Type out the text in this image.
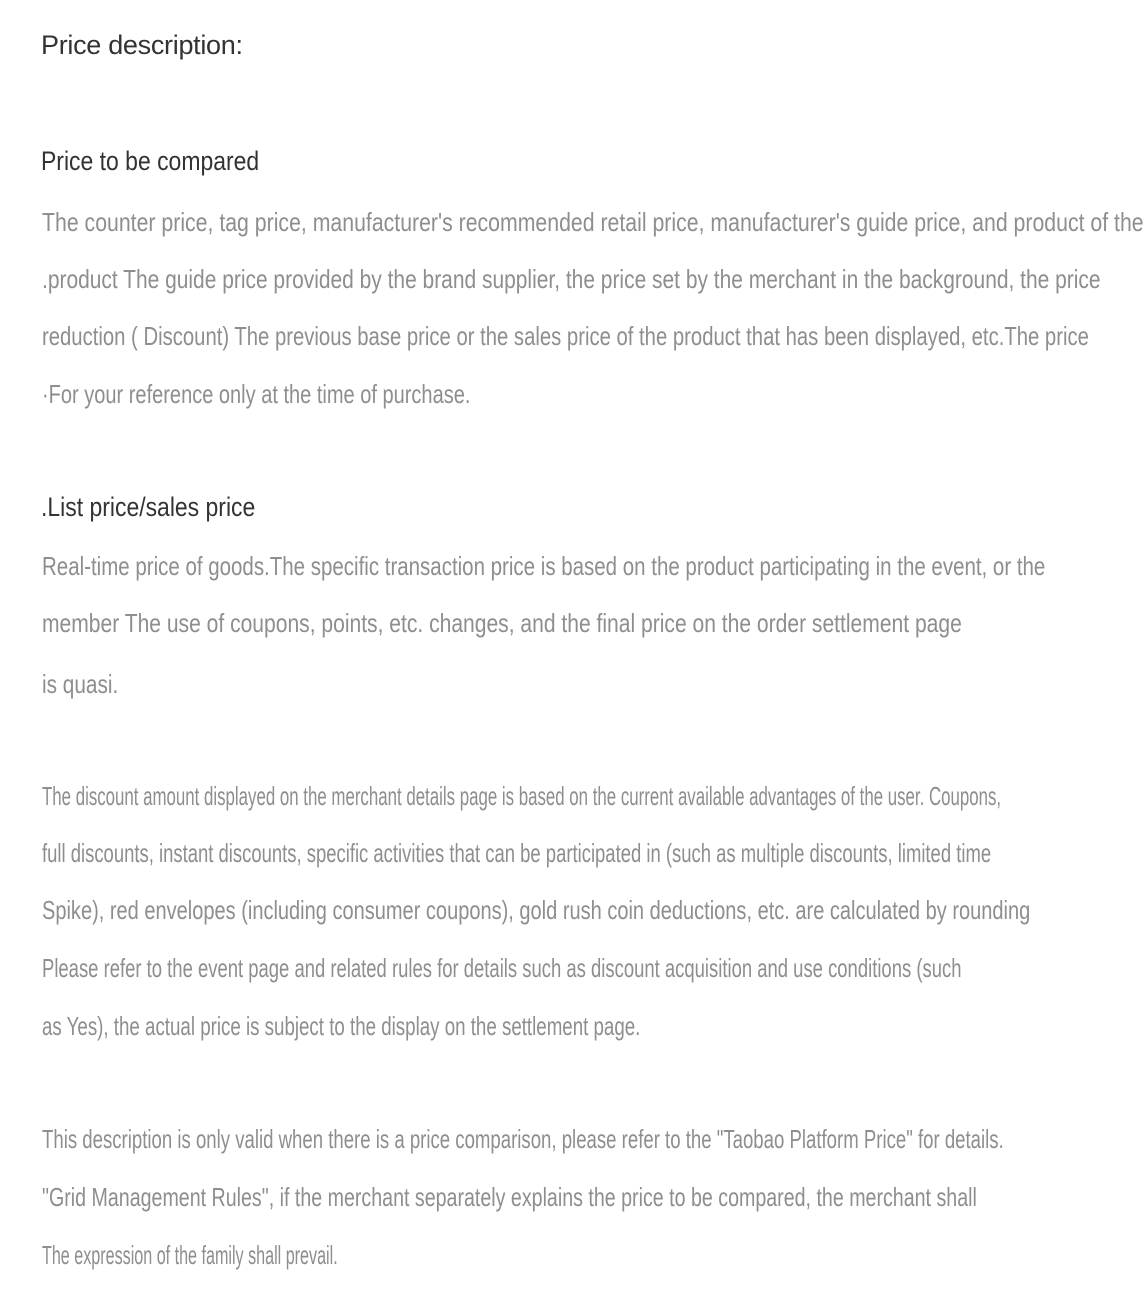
Price description:
Price to be compared
The counter price, tag price, manufacturer's recommended retail price, manufacturer's guide price, and product of the
.product The guide price provided by the brand supplier, the price set by the merchant in the background, the price
reduction ( Discount) The previous base price or the sales price of the product that has been displayed, etc.The price
·For your reference only at the time of purchase.
.List price/sales price
Real-time price of goods.The specific transaction price is based on the product participating in the event, or the
member The use of coupons, points, etc. changes, and the final price on the order settlement page
is quasi.
The discount amount displayed on the merchant details page is based on the current available advantages of the user. Coupons,
full discounts, instant discounts, specific activities that can be participated in (such as multiple discounts, limited time
Spike), red envelopes (including consumer coupons), gold rush coin deductions, etc. are calculated by rounding
Please refer to the event page and related rules for details such as discount acquisition and use conditions (such
as Yes), the actual price is subject to the display on the settlement page.
This description is only valid when there is a price comparison, please refer to the "Taobao Platform Price" for details.
"Grid Management Rules", if the merchant separately explains the price to be compared, the merchant shall
The expression of the family shall prevail.
